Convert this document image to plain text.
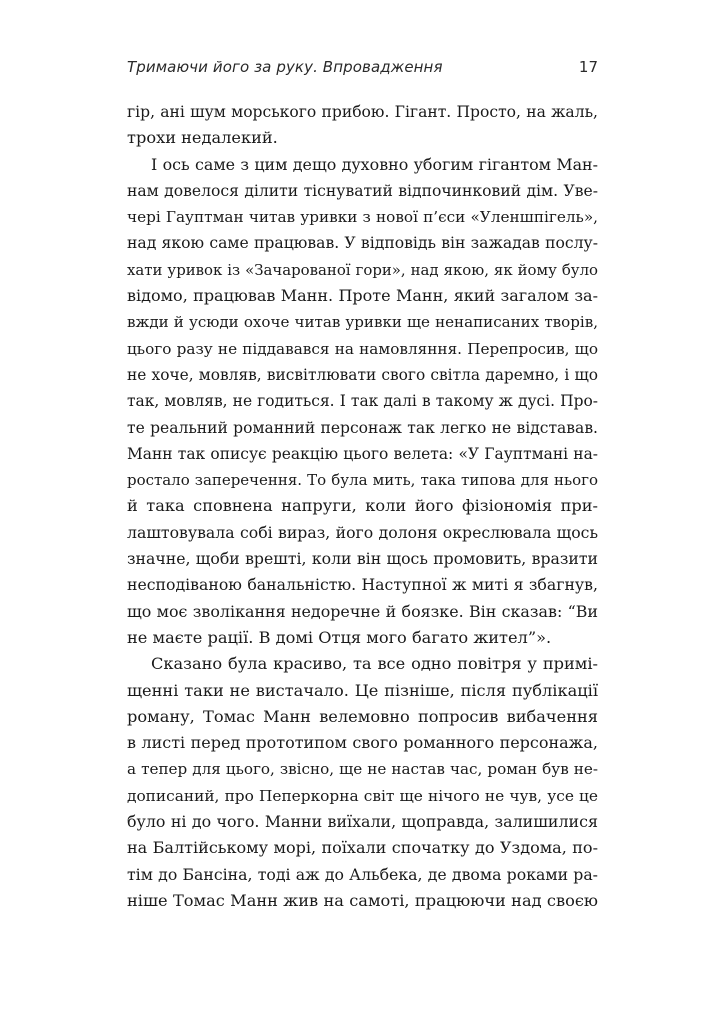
Тримаючи його за руку. Впровадження	17
гір, ані шум морського прибою. Гігант. Просто, на жаль,
трохи недалекий.
І ось саме з цим дещо духовно убогим гігантом Ман-
нам довелося ділити тіснуватий відпочинковий дім. Уве-
чері Гауптман читав уривки з нової п’єси «Уленшпігель»,
над якою саме працював. У відповідь він зажадав послу-
хати уривок із «Зачарованої гори», над якою, як йому було
відомо, працював Манн. Проте Манн, який загалом за-
вжди й усюди охоче читав уривки ще ненаписаних творів,
цього разу не піддавався на намовляння. Перепросив, що
не хоче, мовляв, висвітлювати свого світла даремно, і що
так, мовляв, не годиться. І так далі в такому ж дусі. Про-
те реальний романний персонаж так легко не відставав.
Манн так описує реакцію цього велета: «У Гауптмані на-
ростало заперечення. То була мить, така типова для нього
й така сповнена напруги, коли його фізіономія при-
лаштовувала собі вираз, його долоня окреслювала щось
значне, щоби врешті, коли він щось промовить, вразити
несподіваною банальністю. Наступної ж миті я збагнув,
що моє зволікання недоречне й боязке. Він сказав: “Ви
не маєте рації. В домі Отця мого багато жител”».
Сказано була красиво, та все одно повітря у примі-
щенні таки не вистачало. Це пізніше, після публікації
роману, Томас Манн велемовно попросив вибачення
в листі перед прототипом свого романного персонажа,
а тепер для цього, звісно, ще не настав час, роман був не-
дописаний, про Пеперкорна світ ще нічого не чув, усе це
було ні до чого. Манни виїхали, щоправда, залишилися
на Балтійському морі, поїхали спочатку до Уздома, по-
тім до Бансіна, тоді аж до Альбека, де двома роками ра-
ніше Томас Манн жив на самоті, працюючи над своєю
